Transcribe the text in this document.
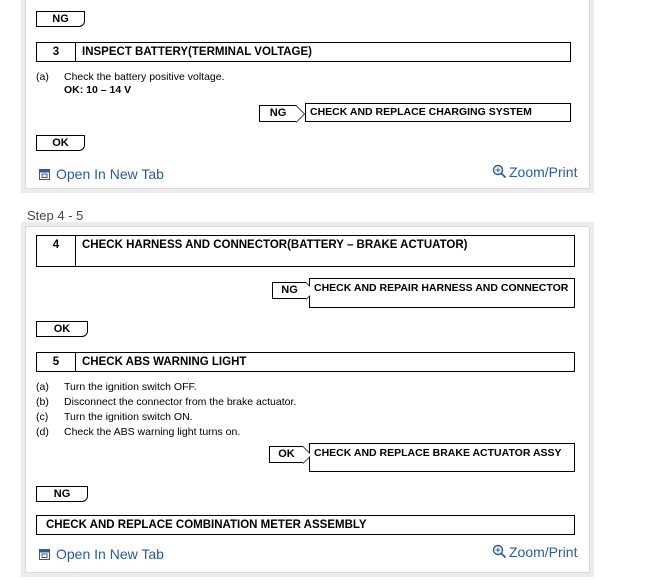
NG
3	INSPECT BATTERY(TERMINAL VOLTAGE)
(a) Check the battery positive voltage.
OK: 10 – 14 V
NG	CHECK AND REPLACE CHARGING SYSTEM
OK
Open In New Tab	Zoom/Print
Step 4 - 5
4	CHECK HARNESS AND CONNECTOR(BATTERY – BRAKE ACTUATOR)
NG	CHECK AND REPAIR HARNESS AND CONNECTOR
OK
5	CHECK ABS WARNING LIGHT
(a) Turn the ignition switch OFF.
(b) Disconnect the connector from the brake actuator.
(c) Turn the ignition switch ON.
(d) Check the ABS warning light turns on.
OK	CHECK AND REPLACE BRAKE ACTUATOR ASSY
NG
CHECK AND REPLACE COMBINATION METER ASSEMBLY
Open In New Tab	Zoom/Print
